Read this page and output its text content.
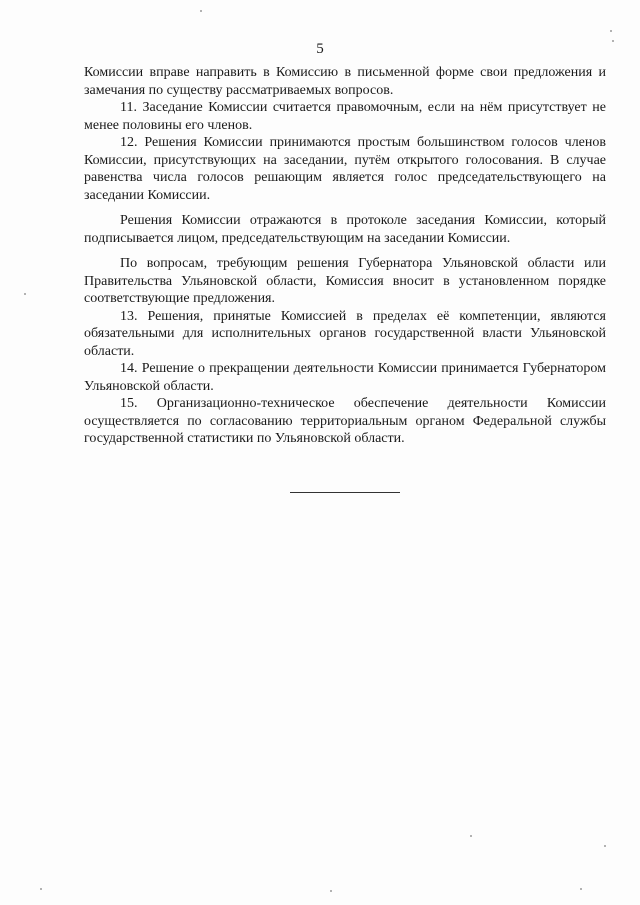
5

Комиссии вправе направить в Комиссию в письменной форме свои предложения и замечания по существу рассматриваемых вопросов.

11. Заседание Комиссии считается правомочным, если на нём присутствует не менее половины его членов.

12. Решения Комиссии принимаются простым большинством голосов членов Комиссии, присутствующих на заседании, путём открытого голосования. В случае равенства числа голосов решающим является голос председательствующего на заседании Комиссии.

Решения Комиссии отражаются в протоколе заседания Комиссии, который подписывается лицом, председательствующим на заседании Комиссии.

По вопросам, требующим решения Губернатора Ульяновской области или Правительства Ульяновской области, Комиссия вносит в установленном порядке соответствующие предложения.

13. Решения, принятые Комиссией в пределах её компетенции, являются обязательными для исполнительных органов государственной власти Ульяновской области.

14. Решение о прекращении деятельности Комиссии принимается Губернатором Ульяновской области.

15. Организационно-техническое обеспечение деятельности Комиссии осуществляется по согласованию территориальным органом Федеральной службы государственной статистики по Ульяновской области.
